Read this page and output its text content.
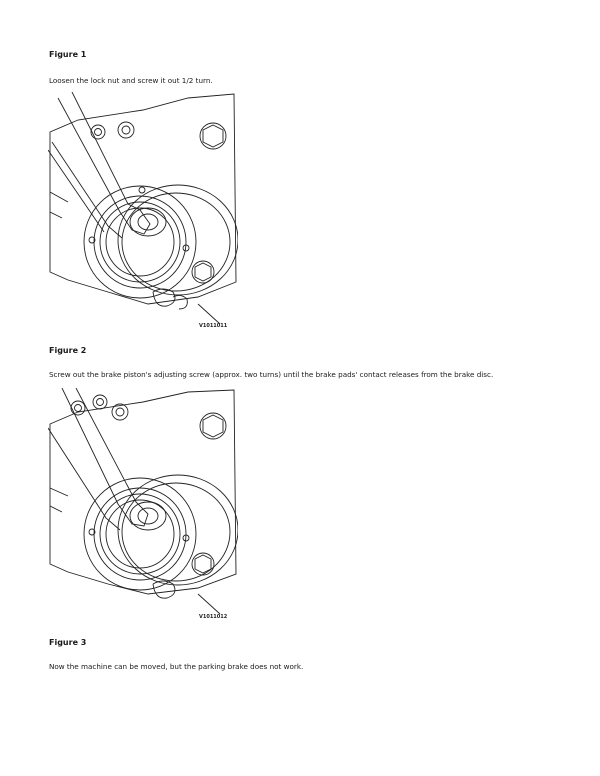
Figure 1
Loosen the lock nut and screw it out 1/2 turn.
V1011011
Figure 2
Screw out the brake piston's adjusting screw (approx. two turns) until the brake pads' contact releases from the brake disc.
V1011012
Figure 3
Now the machine can be moved, but the parking brake does not work.
